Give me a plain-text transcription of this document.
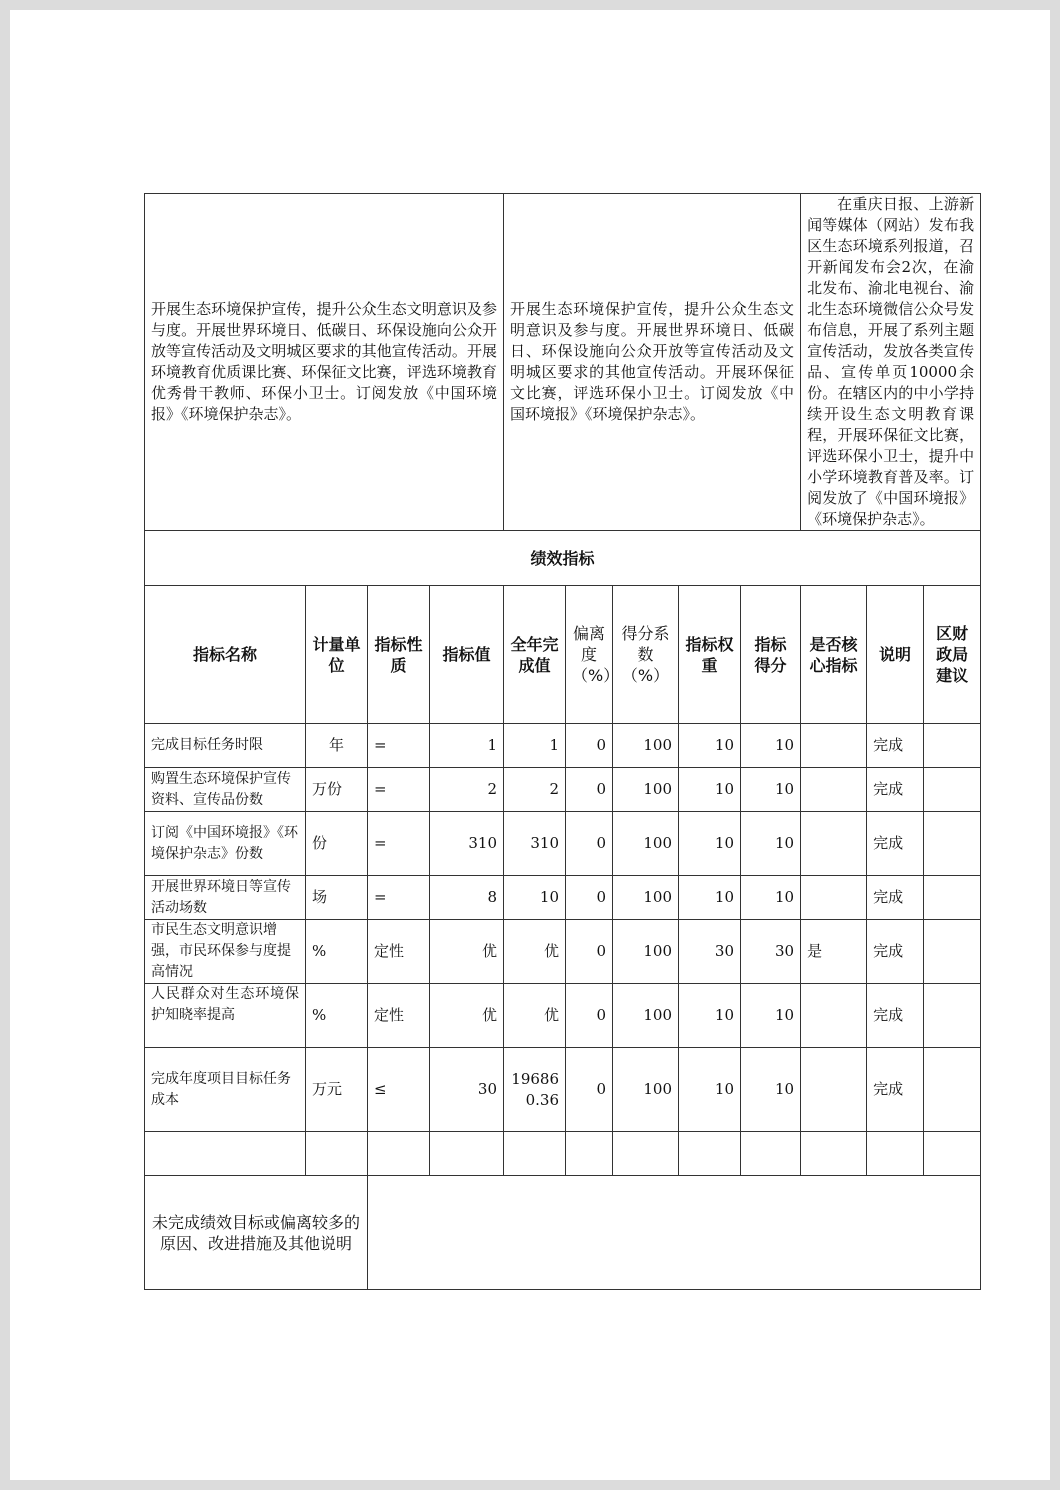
开展生态环境保护宣传，提升公众生态文明意识及参与度。开展世界环境日、低碳日、环保设施向公众开放等宣传活动及文明城区要求的其他宣传活动。开展环境教育优质课比赛、环保征文比赛，评选环境教育优秀骨干教师、环保小卫士。订阅发放《中国环境报》《环境保护杂志》。				开展生态环境保护宣传，提升公众生态文明意识及参与度。开展世界环境日、低碳日、环保设施向公众开放等宣传活动及文明城区要求的其他宣传活动。开展环保征文比赛，评选环保小卫士。订阅发放《中国环境报》《环境保护杂志》。					在重庆日报、上游新闻等媒体（网站）发布我区生态环境系列报道，召开新闻发布会2次，在渝北发布、渝北电视台、渝北生态环境微信公众号发布信息，开展了系列主题宣传活动，发放各类宣传品、宣传单页10000余份。在辖区内的中小学持续开设生态文明教育课程，开展环保征文比赛，评选环保小卫士，提升中小学环境教育普及率。订阅发放了《中国环境报》《环境保护杂志》。		
绩效指标											
指标名称	计量单位	指标性质	指标值	全年完成值	偏离度（%）	得分系数（%）	指标权重	指标得分	是否核心指标	说明	区财政局建议
完成目标任务时限	年	=	1	1	0	100	10	10		完成	
购置生态环境保护宣传资料、宣传品份数	万份	=	2	2	0	100	10	10		完成	
订阅《中国环境报》《环境保护杂志》份数	份	=	310	310	0	100	10	10		完成	
开展世界环境日等宣传活动场数	场	=	8	10	0	100	10	10		完成	
市民生态文明意识增强，市民环保参与度提高情况	%	定性	优	优	0	100	30	30	是	完成	
人民群众对生态环境保护知晓率提高	%	定性	优	优	0	100	10	10		完成	
完成年度项目目标任务成本	万元	≤	30	196860.36	0	100	10	10		完成	

未完成绩效目标或偏离较多的原因、改进措施及其他说明											
